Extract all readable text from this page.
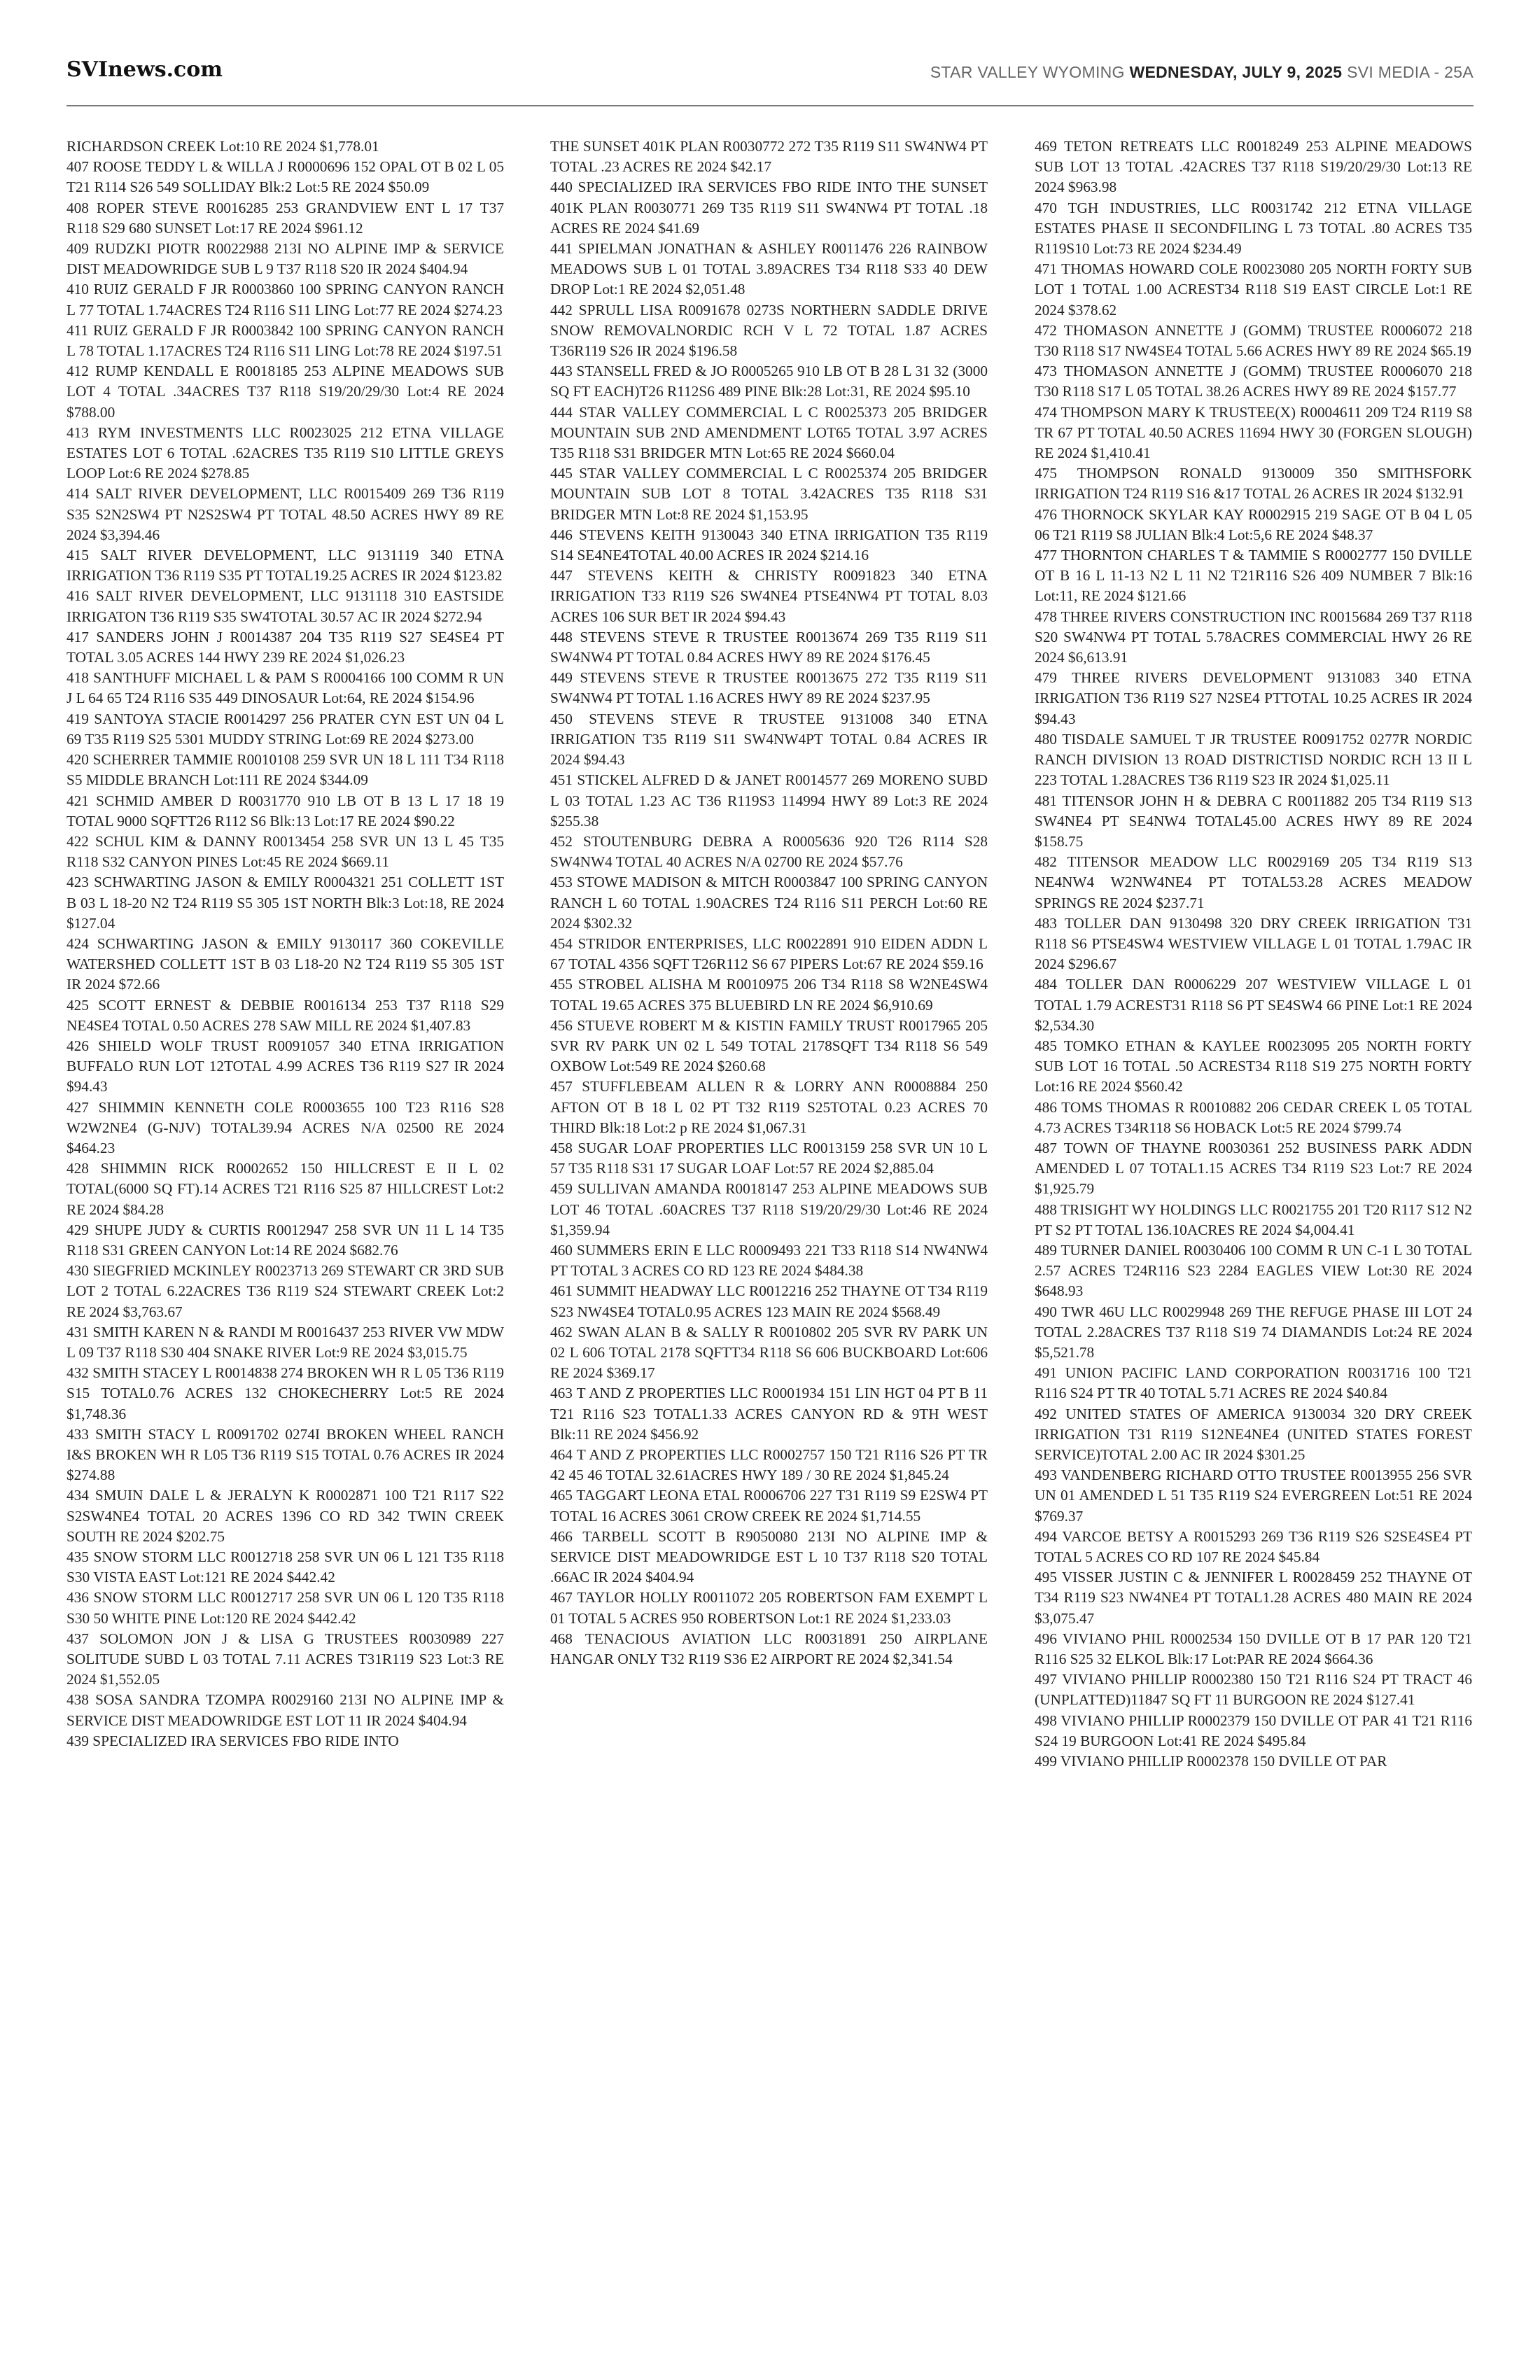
SVInews.com	STAR VALLEY WYOMING WEDNESDAY, JULY 9, 2025 SVI MEDIA - 25A

RICHARDSON CREEK Lot:10 RE 2024 $1,778.01

407 ROOSE TEDDY L & WILLA J R0000696 152 OPAL OT B 02 L 05 T21 R114 S26 549 SOLLIDAY Blk:2 Lot:5 RE 2024 $50.09

408 ROPER STEVE R0016285 253 GRANDVIEW ENT L 17 T37 R118 S29 680 SUNSET Lot:17 RE 2024 $961.12

409 RUDZKI PIOTR R0022988 213I NO ALPINE IMP & SERVICE DIST MEADOWRIDGE SUB L 9 T37 R118 S20 IR 2024 $404.94

410 RUIZ GERALD F JR R0003860 100 SPRING CANYON RANCH L 77 TOTAL 1.74ACRES T24 R116 S11 LING Lot:77 RE 2024 $274.23

411 RUIZ GERALD F JR R0003842 100 SPRING CANYON RANCH L 78 TOTAL 1.17ACRES T24 R116 S11 LING Lot:78 RE 2024 $197.51

412 RUMP KENDALL E R0018185 253 ALPINE MEADOWS SUB LOT 4 TOTAL .34ACRES T37 R118 S19/20/29/30 Lot:4 RE 2024 $788.00

413 RYM INVESTMENTS LLC R0023025 212 ETNA VILLAGE ESTATES LOT 6 TOTAL .62ACRES T35 R119 S10 LITTLE GREYS LOOP Lot:6 RE 2024 $278.85

414 SALT RIVER DEVELOPMENT, LLC R0015409 269 T36 R119 S35 S2N2SW4 PT N2S2SW4 PT TOTAL 48.50 ACRES HWY 89 RE 2024 $3,394.46

415 SALT RIVER DEVELOPMENT, LLC 9131119 340 ETNA IRRIGATION T36 R119 S35 PT TOTAL19.25 ACRES IR 2024 $123.82

416 SALT RIVER DEVELOPMENT, LLC 9131118 310 EASTSIDE IRRIGATON T36 R119 S35 SW4TOTAL 30.57 AC IR 2024 $272.94

417 SANDERS JOHN J R0014387 204 T35 R119 S27 SE4SE4 PT TOTAL 3.05 ACRES 144 HWY 239 RE 2024 $1,026.23

418 SANTHUFF MICHAEL L & PAM S R0004166 100 COMM R UN J L 64 65 T24 R116 S35 449 DINOSAUR Lot:64, RE 2024 $154.96

419 SANTOYA STACIE R0014297 256 PRATER CYN EST UN 04 L 69 T35 R119 S25 5301 MUDDY STRING Lot:69 RE 2024 $273.00

420 SCHERRER TAMMIE R0010108 259 SVR UN 18 L 111 T34 R118 S5 MIDDLE BRANCH Lot:111 RE 2024 $344.09

421 SCHMID AMBER D R0031770 910 LB OT B 13 L 17 18 19 TOTAL 9000 SQFTT26 R112 S6 Blk:13 Lot:17 RE 2024 $90.22

422 SCHUL KIM & DANNY R0013454 258 SVR UN 13 L 45 T35 R118 S32 CANYON PINES Lot:45 RE 2024 $669.11

423 SCHWARTING JASON & EMILY R0004321 251 COLLETT 1ST B 03 L 18-20 N2 T24 R119 S5 305 1ST NORTH Blk:3 Lot:18, RE 2024 $127.04

424 SCHWARTING JASON & EMILY 9130117 360 COKEVILLE WATERSHED COLLETT 1ST B 03 L18-20 N2 T24 R119 S5 305 1ST IR 2024 $72.66

425 SCOTT ERNEST & DEBBIE R0016134 253 T37 R118 S29 NE4SE4 TOTAL 0.50 ACRES 278 SAW MILL RE 2024 $1,407.83

426 SHIELD WOLF TRUST R0091057 340 ETNA IRRIGATION BUFFALO RUN LOT 12TOTAL 4.99 ACRES T36 R119 S27 IR 2024 $94.43

427 SHIMMIN KENNETH COLE R0003655 100 T23 R116 S28 W2W2NE4 (G-NJV) TOTAL39.94 ACRES N/A 02500 RE 2024 $464.23

428 SHIMMIN RICK R0002652 150 HILLCREST E II L 02 TOTAL(6000 SQ FT).14 ACRES T21 R116 S25 87 HILLCREST Lot:2 RE 2024 $84.28

429 SHUPE JUDY & CURTIS R0012947 258 SVR UN 11 L 14 T35 R118 S31 GREEN CANYON Lot:14 RE 2024 $682.76

430 SIEGFRIED MCKINLEY R0023713 269 STEWART CR 3RD SUB LOT 2 TOTAL 6.22ACRES T36 R119 S24 STEWART CREEK Lot:2 RE 2024 $3,763.67

431 SMITH KAREN N & RANDI M R0016437 253 RIVER VW MDW L 09 T37 R118 S30 404 SNAKE RIVER Lot:9 RE 2024 $3,015.75

432 SMITH STACEY L R0014838 274 BROKEN WH R L 05 T36 R119 S15 TOTAL0.76 ACRES 132 CHOKECHERRY Lot:5 RE 2024 $1,748.36

433 SMITH STACY L R0091702 0274I BROKEN WHEEL RANCH I&S BROKEN WH R L05 T36 R119 S15 TOTAL 0.76 ACRES IR 2024 $274.88

434 SMUIN DALE L & JERALYN K R0002871 100 T21 R117 S22 S2SW4NE4 TOTAL 20 ACRES 1396 CO RD 342 TWIN CREEK SOUTH RE 2024 $202.75

435 SNOW STORM LLC R0012718 258 SVR UN 06 L 121 T35 R118 S30 VISTA EAST Lot:121 RE 2024 $442.42

436 SNOW STORM LLC R0012717 258 SVR UN 06 L 120 T35 R118 S30 50 WHITE PINE Lot:120 RE 2024 $442.42

437 SOLOMON JON J & LISA G TRUSTEES R0030989 227 SOLITUDE SUBD L 03 TOTAL 7.11 ACRES T31R119 S23 Lot:3 RE 2024 $1,552.05

438 SOSA SANDRA TZOMPA R0029160 213I NO ALPINE IMP & SERVICE DIST MEADOWRIDGE EST LOT 11 IR 2024 $404.94

439 SPECIALIZED IRA SERVICES FBO RIDE INTO

THE SUNSET 401K PLAN R0030772 272 T35 R119 S11 SW4NW4 PT TOTAL .23 ACRES RE 2024 $42.17

440 SPECIALIZED IRA SERVICES FBO RIDE INTO THE SUNSET 401K PLAN R0030771 269 T35 R119 S11 SW4NW4 PT TOTAL .18 ACRES RE 2024 $41.69

441 SPIELMAN JONATHAN & ASHLEY R0011476 226 RAINBOW MEADOWS SUB L 01 TOTAL 3.89ACRES T34 R118 S33 40 DEW DROP Lot:1 RE 2024 $2,051.48

442 SPRULL LISA R0091678 0273S NORTHERN SADDLE DRIVE SNOW REMOVALNORDIC RCH V L 72 TOTAL 1.87 ACRES T36R119 S26 IR 2024 $196.58

443 STANSELL FRED & JO R0005265 910 LB OT B 28 L 31 32 (3000 SQ FT EACH)T26 R112S6 489 PINE Blk:28 Lot:31, RE 2024 $95.10

444 STAR VALLEY COMMERCIAL L C R0025373 205 BRIDGER MOUNTAIN SUB 2ND AMENDMENT LOT65 TOTAL 3.97 ACRES T35 R118 S31 BRIDGER MTN Lot:65 RE 2024 $660.04

445 STAR VALLEY COMMERCIAL L C R0025374 205 BRIDGER MOUNTAIN SUB LOT 8 TOTAL 3.42ACRES T35 R118 S31 BRIDGER MTN Lot:8 RE 2024 $1,153.95

446 STEVENS KEITH 9130043 340 ETNA IRRIGATION T35 R119 S14 SE4NE4TOTAL 40.00 ACRES IR 2024 $214.16

447 STEVENS KEITH & CHRISTY R0091823 340 ETNA IRRIGATION T33 R119 S26 SW4NE4 PTSE4NW4 PT TOTAL 8.03 ACRES 106 SUR BET IR 2024 $94.43

448 STEVENS STEVE R TRUSTEE R0013674 269 T35 R119 S11 SW4NW4 PT TOTAL 0.84 ACRES HWY 89 RE 2024 $176.45

449 STEVENS STEVE R TRUSTEE R0013675 272 T35 R119 S11 SW4NW4 PT TOTAL 1.16 ACRES HWY 89 RE 2024 $237.95

450 STEVENS STEVE R TRUSTEE 9131008 340 ETNA IRRIGATION T35 R119 S11 SW4NW4PT TOTAL 0.84 ACRES IR 2024 $94.43

451 STICKEL ALFRED D & JANET R0014577 269 MORENO SUBD L 03 TOTAL 1.23 AC T36 R119S3 114994 HWY 89 Lot:3 RE 2024 $255.38

452 STOUTENBURG DEBRA A R0005636 920 T26 R114 S28 SW4NW4 TOTAL 40 ACRES N/A 02700 RE 2024 $57.76

453 STOWE MADISON & MITCH R0003847 100 SPRING CANYON RANCH L 60 TOTAL 1.90ACRES T24 R116 S11 PERCH Lot:60 RE 2024 $302.32

454 STRIDOR ENTERPRISES, LLC R0022891 910 EIDEN ADDN L 67 TOTAL 4356 SQFT T26R112 S6 67 PIPERS Lot:67 RE 2024 $59.16

455 STROBEL ALISHA M R0010975 206 T34 R118 S8 W2NE4SW4 TOTAL 19.65 ACRES 375 BLUEBIRD LN RE 2024 $6,910.69

456 STUEVE ROBERT M & KISTIN FAMILY TRUST R0017965 205 SVR RV PARK UN 02 L 549 TOTAL 2178SQFT T34 R118 S6 549 OXBOW Lot:549 RE 2024 $260.68

457 STUFFLEBEAM ALLEN R & LORRY ANN R0008884 250 AFTON OT B 18 L 02 PT T32 R119 S25TOTAL 0.23 ACRES 70 THIRD Blk:18 Lot:2 p RE 2024 $1,067.31

458 SUGAR LOAF PROPERTIES LLC R0013159 258 SVR UN 10 L 57 T35 R118 S31 17 SUGAR LOAF Lot:57 RE 2024 $2,885.04

459 SULLIVAN AMANDA R0018147 253 ALPINE MEADOWS SUB LOT 46 TOTAL .60ACRES T37 R118 S19/20/29/30 Lot:46 RE 2024 $1,359.94

460 SUMMERS ERIN E LLC R0009493 221 T33 R118 S14 NW4NW4 PT TOTAL 3 ACRES CO RD 123 RE 2024 $484.38

461 SUMMIT HEADWAY LLC R0012216 252 THAYNE OT T34 R119 S23 NW4SE4 TOTAL0.95 ACRES 123 MAIN RE 2024 $568.49

462 SWAN ALAN B & SALLY R R0010802 205 SVR RV PARK UN 02 L 606 TOTAL 2178 SQFTT34 R118 S6 606 BUCKBOARD Lot:606 RE 2024 $369.17

463 T AND Z PROPERTIES LLC R0001934 151 LIN HGT 04 PT B 11 T21 R116 S23 TOTAL1.33 ACRES CANYON RD & 9TH WEST Blk:11 RE 2024 $456.92

464 T AND Z PROPERTIES LLC R0002757 150 T21 R116 S26 PT TR 42 45 46 TOTAL 32.61ACRES HWY 189 / 30 RE 2024 $1,845.24

465 TAGGART LEONA ETAL R0006706 227 T31 R119 S9 E2SW4 PT TOTAL 16 ACRES 3061 CROW CREEK RE 2024 $1,714.55

466 TARBELL SCOTT B R9050080 213I NO ALPINE IMP & SERVICE DIST MEADOWRIDGE EST L 10 T37 R118 S20 TOTAL .66AC IR 2024 $404.94

467 TAYLOR HOLLY R0011072 205 ROBERTSON FAM EXEMPT L 01 TOTAL 5 ACRES 950 ROBERTSON Lot:1 RE 2024 $1,233.03

468 TENACIOUS AVIATION LLC R0031891 250 AIRPLANE HANGAR ONLY T32 R119 S36 E2 AIRPORT RE 2024 $2,341.54

469 TETON RETREATS LLC R0018249 253 ALPINE MEADOWS SUB LOT 13 TOTAL .42ACRES T37 R118 S19/20/29/30 Lot:13 RE 2024 $963.98

470 TGH INDUSTRIES, LLC R0031742 212 ETNA VILLAGE ESTATES PHASE II SECONDFILING L 73 TOTAL .80 ACRES T35 R119S10 Lot:73 RE 2024 $234.49

471 THOMAS HOWARD COLE R0023080 205 NORTH FORTY SUB LOT 1 TOTAL 1.00 ACREST34 R118 S19 EAST CIRCLE Lot:1 RE 2024 $378.62

472 THOMASON ANNETTE J (GOMM) TRUSTEE R0006072 218 T30 R118 S17 NW4SE4 TOTAL 5.66 ACRES HWY 89 RE 2024 $65.19

473 THOMASON ANNETTE J (GOMM) TRUSTEE R0006070 218 T30 R118 S17 L 05 TOTAL 38.26 ACRES HWY 89 RE 2024 $157.77

474 THOMPSON MARY K TRUSTEE(X) R0004611 209 T24 R119 S8 TR 67 PT TOTAL 40.50 ACRES 11694 HWY 30 (FORGEN SLOUGH) RE 2024 $1,410.41

475 THOMPSON RONALD 9130009 350 SMITHSFORK IRRIGATION T24 R119 S16 &17 TOTAL 26 ACRES IR 2024 $132.91

476 THORNOCK SKYLAR KAY R0002915 219 SAGE OT B 04 L 05 06 T21 R119 S8 JULIAN Blk:4 Lot:5,6 RE 2024 $48.37

477 THORNTON CHARLES T & TAMMIE S R0002777 150 DVILLE OT B 16 L 11-13 N2 L 11 N2 T21R116 S26 409 NUMBER 7 Blk:16 Lot:11, RE 2024 $121.66

478 THREE RIVERS CONSTRUCTION INC R0015684 269 T37 R118 S20 SW4NW4 PT TOTAL 5.78ACRES COMMERCIAL HWY 26 RE 2024 $6,613.91

479 THREE RIVERS DEVELOPMENT 9131083 340 ETNA IRRIGATION T36 R119 S27 N2SE4 PTTOTAL 10.25 ACRES IR 2024 $94.43

480 TISDALE SAMUEL T JR TRUSTEE R0091752 0277R NORDIC RANCH DIVISION 13 ROAD DISTRICTISD NORDIC RCH 13 II L 223 TOTAL 1.28ACRES T36 R119 S23 IR 2024 $1,025.11

481 TITENSOR JOHN H & DEBRA C R0011882 205 T34 R119 S13 SW4NE4 PT SE4NW4 TOTAL45.00 ACRES HWY 89 RE 2024 $158.75

482 TITENSOR MEADOW LLC R0029169 205 T34 R119 S13 NE4NW4 W2NW4NE4 PT TOTAL53.28 ACRES MEADOW SPRINGS RE 2024 $237.71

483 TOLLER DAN 9130498 320 DRY CREEK IRRIGATION T31 R118 S6 PTSE4SW4 WESTVIEW VILLAGE L 01 TOTAL 1.79AC IR 2024 $296.67

484 TOLLER DAN R0006229 207 WESTVIEW VILLAGE L 01 TOTAL 1.79 ACREST31 R118 S6 PT SE4SW4 66 PINE Lot:1 RE 2024 $2,534.30

485 TOMKO ETHAN & KAYLEE R0023095 205 NORTH FORTY SUB LOT 16 TOTAL .50 ACREST34 R118 S19 275 NORTH FORTY Lot:16 RE 2024 $560.42

486 TOMS THOMAS R R0010882 206 CEDAR CREEK L 05 TOTAL 4.73 ACRES T34R118 S6 HOBACK Lot:5 RE 2024 $799.74

487 TOWN OF THAYNE R0030361 252 BUSINESS PARK ADDN AMENDED L 07 TOTAL1.15 ACRES T34 R119 S23 Lot:7 RE 2024 $1,925.79

488 TRISIGHT WY HOLDINGS LLC R0021755 201 T20 R117 S12 N2 PT S2 PT TOTAL 136.10ACRES RE 2024 $4,004.41

489 TURNER DANIEL R0030406 100 COMM R UN C-1 L 30 TOTAL 2.57 ACRES T24R116 S23 2284 EAGLES VIEW Lot:30 RE 2024 $648.93

490 TWR 46U LLC R0029948 269 THE REFUGE PHASE III LOT 24 TOTAL 2.28ACRES T37 R118 S19 74 DIAMANDIS Lot:24 RE 2024 $5,521.78

491 UNION PACIFIC LAND CORPORATION R0031716 100 T21 R116 S24 PT TR 40 TOTAL 5.71 ACRES RE 2024 $40.84

492 UNITED STATES OF AMERICA 9130034 320 DRY CREEK IRRIGATION T31 R119 S12NE4NE4 (UNITED STATES FOREST SERVICE)TOTAL 2.00 AC IR 2024 $301.25

493 VANDENBERG RICHARD OTTO TRUSTEE R0013955 256 SVR UN 01 AMENDED L 51 T35 R119 S24 EVERGREEN Lot:51 RE 2024 $769.37

494 VARCOE BETSY A R0015293 269 T36 R119 S26 S2SE4SE4 PT TOTAL 5 ACRES CO RD 107 RE 2024 $45.84

495 VISSER JUSTIN C & JENNIFER L R0028459 252 THAYNE OT T34 R119 S23 NW4NE4 PT TOTAL1.28 ACRES 480 MAIN RE 2024 $3,075.47

496 VIVIANO PHIL R0002534 150 DVILLE OT B 17 PAR 120 T21 R116 S25 32 ELKOL Blk:17 Lot:PAR RE 2024 $664.36

497 VIVIANO PHILLIP R0002380 150 T21 R116 S24 PT TRACT 46 (UNPLATTED)11847 SQ FT 11 BURGOON RE 2024 $127.41

498 VIVIANO PHILLIP R0002379 150 DVILLE OT PAR 41 T21 R116 S24 19 BURGOON Lot:41 RE 2024 $495.84

499 VIVIANO PHILLIP R0002378 150 DVILLE OT PAR
